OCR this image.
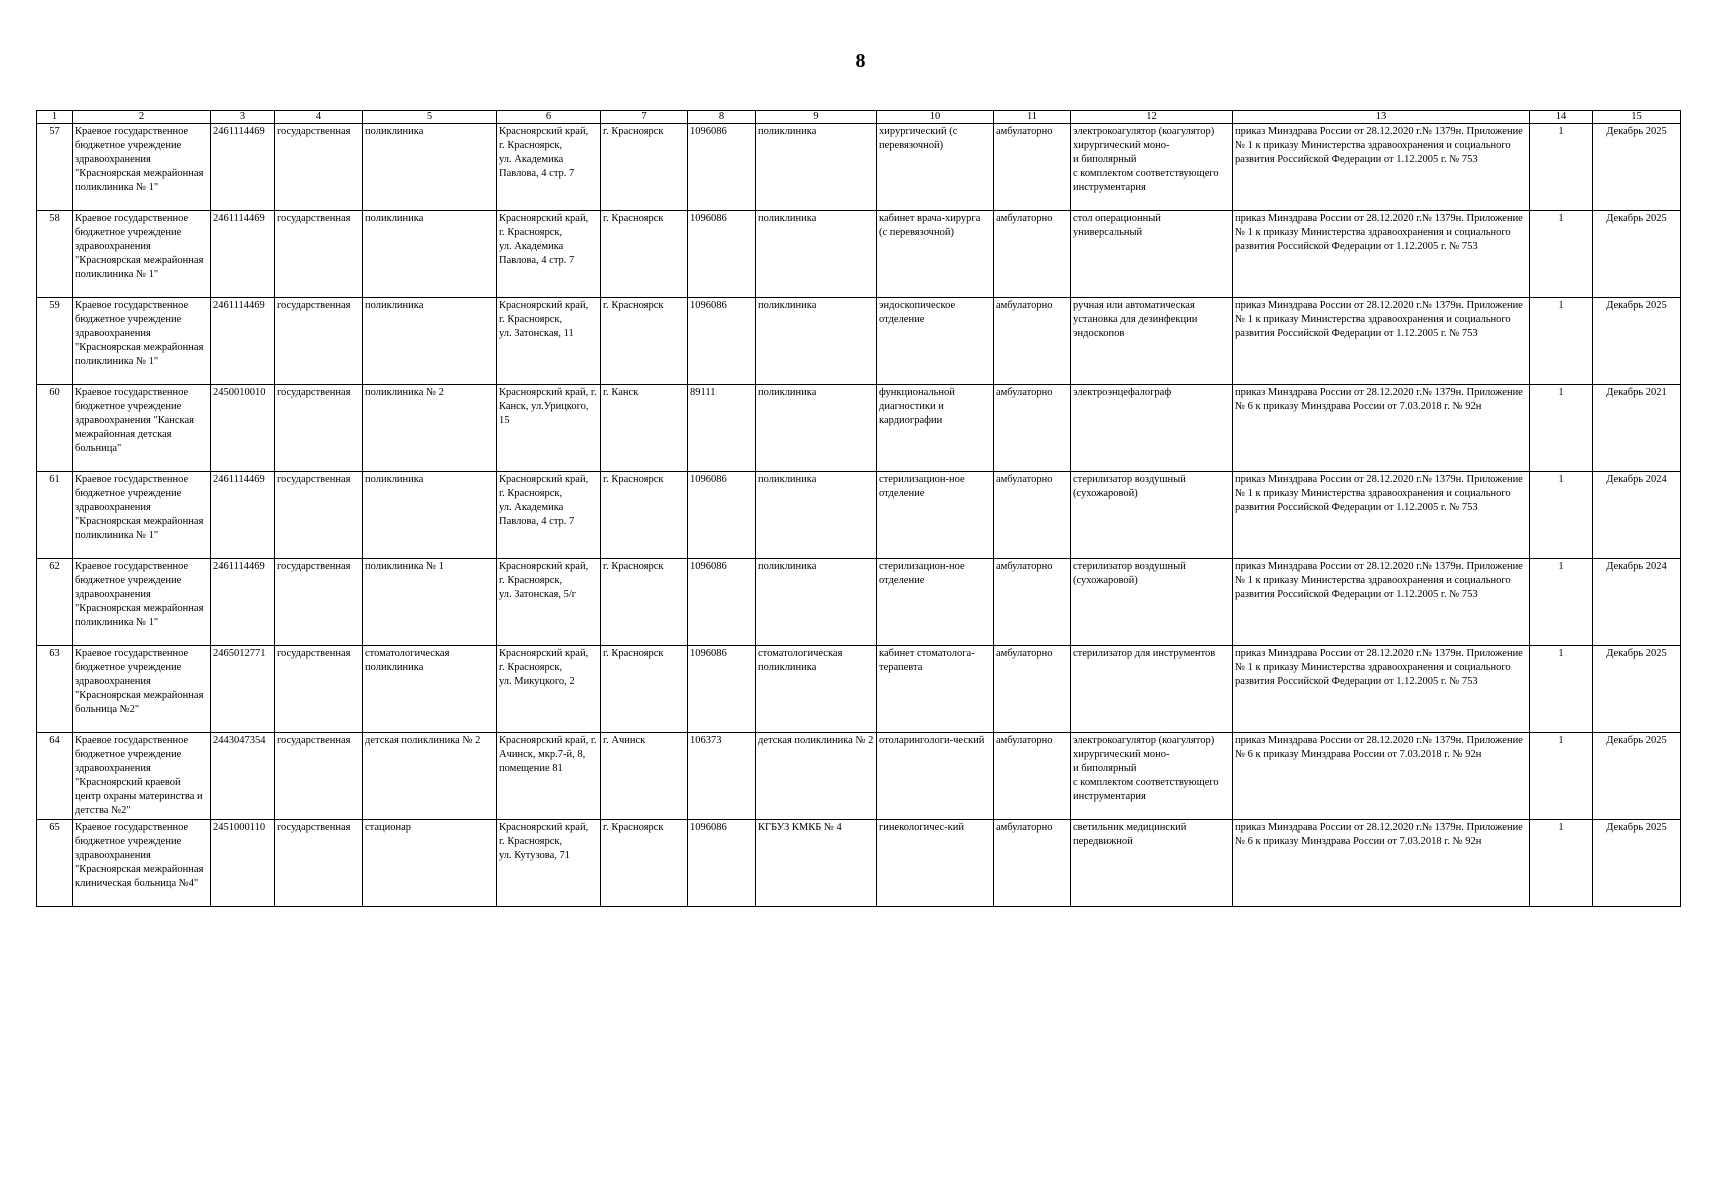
8
1	2	3	4	5	6	7	8	9	10	11	12	13	14	15
57	Краевое государственное бюджетное учреждение здравоохранения "Красноярская межрайонная поликлиника № 1"	2461114469	государственная	поликлиника	Красноярский край,
г. Красноярск,
ул. Академика Павлова, 4 стр. 7	г. Красноярск	1096086	поликлиника	хирургический (с перевязочной)	амбулаторно	электрокоагулятор (коагулятор) хирургический моно-
и биполярный
с комплектом соответствующего инструментария	приказ Минздрава России от 28.12.2020 г.№ 1379н. Приложение № 1 к приказу Министерства здравоохранения и социального развития Российской Федерации от 1.12.2005 г. № 753	1	Декабрь 2025
58	Краевое государственное бюджетное учреждение здравоохранения "Красноярская межрайонная поликлиника № 1"	2461114469	государственная	поликлиника	Красноярский край,
г. Красноярск,
ул. Академика Павлова, 4 стр. 7	г. Красноярск	1096086	поликлиника	кабинет врача-хирурга (с перевязочной)	амбулаторно	стол операционный универсальный	приказ Минздрава России от 28.12.2020 г.№ 1379н. Приложение № 1 к приказу Министерства здравоохранения и социального развития Российской Федерации от 1.12.2005 г. № 753	1	Декабрь 2025
59	Краевое государственное бюджетное учреждение здравоохранения "Красноярская межрайонная поликлиника № 1"	2461114469	государственная	поликлиника	Красноярский край,
г. Красноярск,
ул. Затонская, 11	г. Красноярск	1096086	поликлиника	эндоскопическое отделение	амбулаторно	ручная или автоматическая установка для дезинфекции эндоскопов	приказ Минздрава России от 28.12.2020 г.№ 1379н. Приложение № 1 к приказу Министерства здравоохранения и социального развития Российской Федерации от 1.12.2005 г. № 753	1	Декабрь 2025
60	Краевое государственное бюджетное учреждение здравоохранения "Канская межрайонная детская больница"	2450010010	государственная	поликлиника № 2	Красноярский край, г. Канск, ул.Урицкого, 15	г. Канск	89111	поликлиника	функциональной диагностики и кардиографии	амбулаторно	электроэнцефалограф	приказ Минздрава России от 28.12.2020 г.№ 1379н. Приложение № 6 к приказу Минздрава России от 7.03.2018 г. № 92н	1	Декабрь 2021
61	Краевое государственное бюджетное учреждение здравоохранения "Красноярская межрайонная поликлиника № 1"	2461114469	государственная	поликлиника	Красноярский край,
г. Красноярск,
ул. Академика Павлова, 4 стр. 7	г. Красноярск	1096086	поликлиника	стерилизацион-ное отделение	амбулаторно	стерилизатор воздушный (сухожаровой)	приказ Минздрава России от 28.12.2020 г.№ 1379н. Приложение № 1 к приказу Министерства здравоохранения и социального развития Российской Федерации от 1.12.2005 г. № 753	1	Декабрь 2024
62	Краевое государственное бюджетное учреждение здравоохранения "Красноярская межрайонная поликлиника № 1"	2461114469	государственная	поликлиника № 1	Красноярский край,
г. Красноярск,
ул. Затонская, 5/г	г. Красноярск	1096086	поликлиника	стерилизацион-ное отделение	амбулаторно	стерилизатор воздушный (сухожаровой)	приказ Минздрава России от 28.12.2020 г.№ 1379н. Приложение № 1 к приказу Министерства здравоохранения и социального развития Российской Федерации от 1.12.2005 г. № 753	1	Декабрь 2024
63	Краевое государственное бюджетное учреждение здравоохранения "Красноярская межрайонная больница №2"	2465012771	государственная	стоматологическая поликлиника	Красноярский край,
г. Красноярск,
ул. Микуцкого, 2	г. Красноярск	1096086	стоматологическая поликлиника	кабинет стоматолога-терапевта	амбулаторно	стерилизатор для инструментов	приказ Минздрава России от 28.12.2020 г.№ 1379н. Приложение № 1 к приказу Министерства здравоохранения и социального развития Российской Федерации от 1.12.2005 г. № 753	1	Декабрь 2025
64	Краевое государственное бюджетное учреждение здравоохранения "Красноярский краевой центр охраны материнства и детства №2"	2443047354	государственная	детская поликлиника № 2	Красноярский край, г. Ачинск, мкр.7-й, 8, помещение 81	г. Ачинск	106373	детская поликлиника № 2	отоларингологи-ческий	амбулаторно	электрокоагулятор (коагулятор) хирургический моно-
и биполярный
с комплектом соответствующего инструментария	приказ Минздрава России от 28.12.2020 г.№ 1379н. Приложение № 6 к приказу Минздрава России от 7.03.2018 г. № 92н	1	Декабрь 2025
65	Краевое государственное бюджетное учреждение здравоохранения "Красноярская межрайонная клиническая больница №4"	2451000110	государственная	стационар	Красноярский край,
г. Красноярск,
ул. Кутузова, 71	г. Красноярск	1096086	КГБУЗ КМКБ № 4	гинекологичес-кий	амбулаторно	светильник медицинский передвижной	приказ Минздрава России от 28.12.2020 г.№ 1379н. Приложение № 6 к приказу Минздрава России от 7.03.2018 г. № 92н	1	Декабрь 2025
